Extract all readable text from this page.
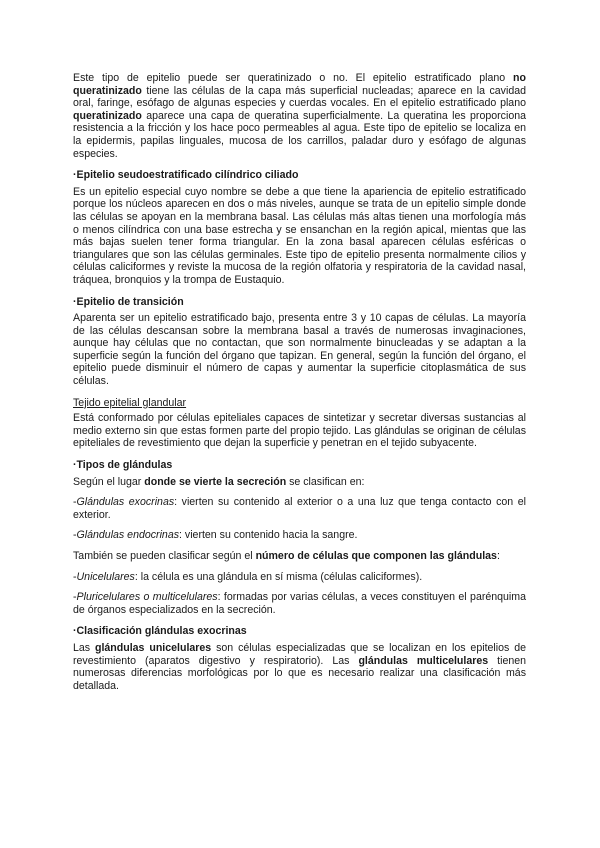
Este tipo de epitelio puede ser queratinizado o no. El epitelio estratificado plano no queratinizado tiene las células de la capa más superficial nucleadas; aparece en la cavidad oral, faringe, esófago de algunas especies y cuerdas vocales. En el epitelio estratificado plano queratinizado aparece una capa de queratina superficialmente. La queratina les proporciona resistencia a la fricción y los hace poco permeables al agua. Este tipo de epitelio se localiza en la epidermis, papilas linguales, mucosa de los carrillos, paladar duro y esófago de algunas especies.

·Epitelio seudoestratificado cilíndrico ciliado

Es un epitelio especial cuyo nombre se debe a que tiene la apariencia de epitelio estratificado porque los núcleos aparecen en dos o más niveles, aunque se trata de un epitelio simple donde las células se apoyan en la membrana basal. Las células más altas tienen una morfología más o menos cilíndrica con una base estrecha y se ensanchan en la región apical, mientas que las más bajas suelen tener forma triangular. En la zona basal aparecen células esféricas o triangulares que son las células germinales. Este tipo de epitelio presenta normalmente cilios y células caliciformes y reviste la mucosa de la región olfatoria y respiratoria de la cavidad nasal, tráquea, bronquios y la trompa de Eustaquio.

·Epitelio de transición

Aparenta ser un epitelio estratificado bajo, presenta entre 3 y 10 capas de células. La mayoría de las células descansan sobre la membrana basal a través de numerosas invaginaciones, aunque hay células que no contactan, que son normalmente binucleadas y se adaptan a la superficie según la función del órgano que tapizan. En general, según la función del órgano, el epitelio puede disminuir el número de capas y aumentar la superficie citoplasmática de sus células.

Tejido epitelial glandular

Está conformado por células epiteliales capaces de sintetizar y secretar diversas sustancias al medio externo sin que estas formen parte del propio tejido. Las glándulas se originan de células epiteliales de revestimiento que dejan la superficie y penetran en el tejido subyacente.

·Tipos de glándulas

Según el lugar donde se vierte la secreción se clasifican en:

-Glándulas exocrinas: vierten su contenido al exterior o a una luz que tenga contacto con el exterior.

-Glándulas endocrinas: vierten su contenido hacia la sangre.

También se pueden clasificar según el número de células que componen las glándulas:

-Unicelulares: la célula es una glándula en sí misma (células caliciformes).

-Pluricelulares o multicelulares: formadas por varias células, a veces constituyen el parénquima de órganos especializados en la secreción.

·Clasificación glándulas exocrinas

Las glándulas unicelulares son células especializadas que se localizan en los epitelios de revestimiento (aparatos digestivo y respiratorio). Las glándulas multicelulares tienen numerosas diferencias morfológicas por lo que es necesario realizar una clasificación más detallada.
